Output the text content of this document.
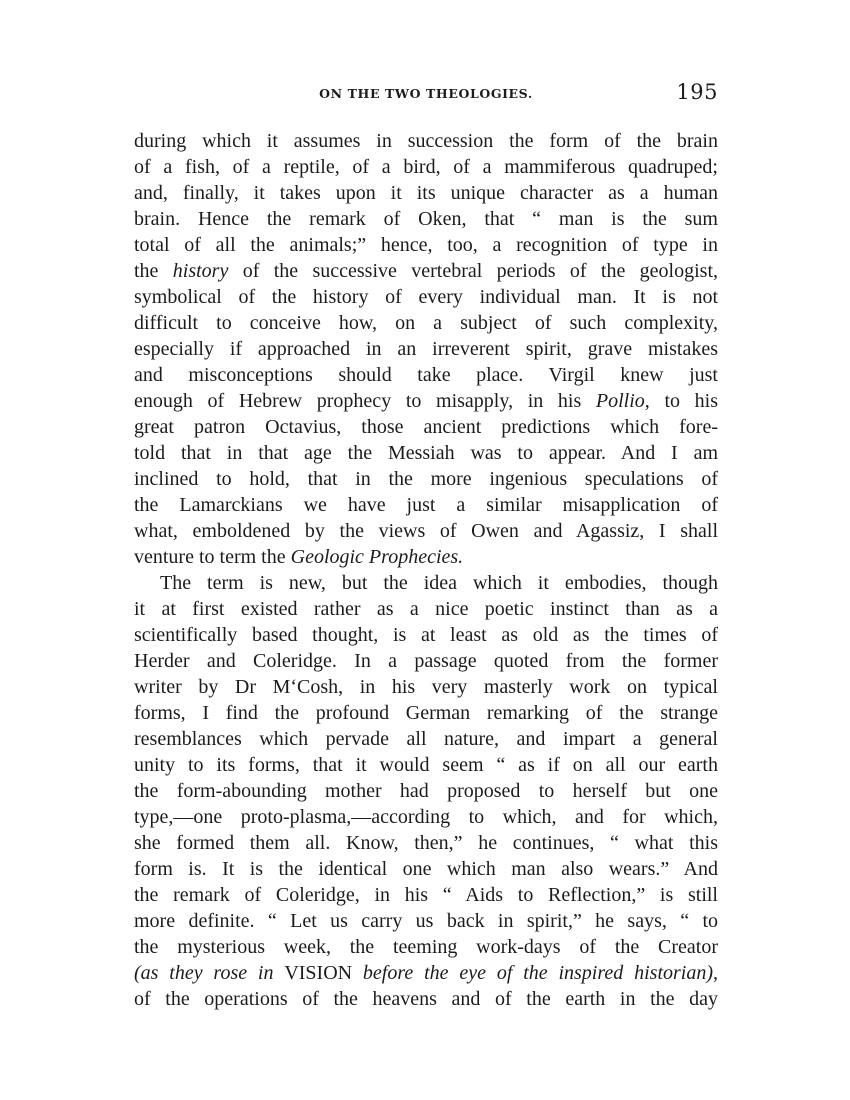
ON THE TWO THEOLOGIES.	195
during which it assumes in succession the form of the brain
of a fish, of a reptile, of a bird, of a mammiferous quadruped;
and, finally, it takes upon it its unique character as a human
brain. Hence the remark of Oken, that “ man is the sum
total of all the animals;” hence, too, a recognition of type in
the history of the successive vertebral periods of the geologist,
symbolical of the history of every individual man. It is not
difficult to conceive how, on a subject of such complexity,
especially if approached in an irreverent spirit, grave mistakes
and misconceptions should take place. Virgil knew just
enough of Hebrew prophecy to misapply, in his Pollio, to his
great patron Octavius, those ancient predictions which fore-
told that in that age the Messiah was to appear. And I am
inclined to hold, that in the more ingenious speculations of
the Lamarckians we have just a similar misapplication of
what, emboldened by the views of Owen and Agassiz, I shall
venture to term the Geologic Prophecies.
The term is new, but the idea which it embodies, though
it at first existed rather as a nice poetic instinct than as a
scientifically based thought, is at least as old as the times of
Herder and Coleridge. In a passage quoted from the former
writer by Dr M‘Cosh, in his very masterly work on typical
forms, I find the profound German remarking of the strange
resemblances which pervade all nature, and impart a general
unity to its forms, that it would seem “ as if on all our earth
the form-abounding mother had proposed to herself but one
type,—one proto-plasma,—according to which, and for which,
she formed them all. Know, then,” he continues, “ what this
form is. It is the identical one which man also wears.” And
the remark of Coleridge, in his “ Aids to Reflection,” is still
more definite. “ Let us carry us back in spirit,” he says, “ to
the mysterious week, the teeming work-days of the Creator
(as they rose in VISION before the eye of the inspired historian),
of the operations of the heavens and of the earth in the day
